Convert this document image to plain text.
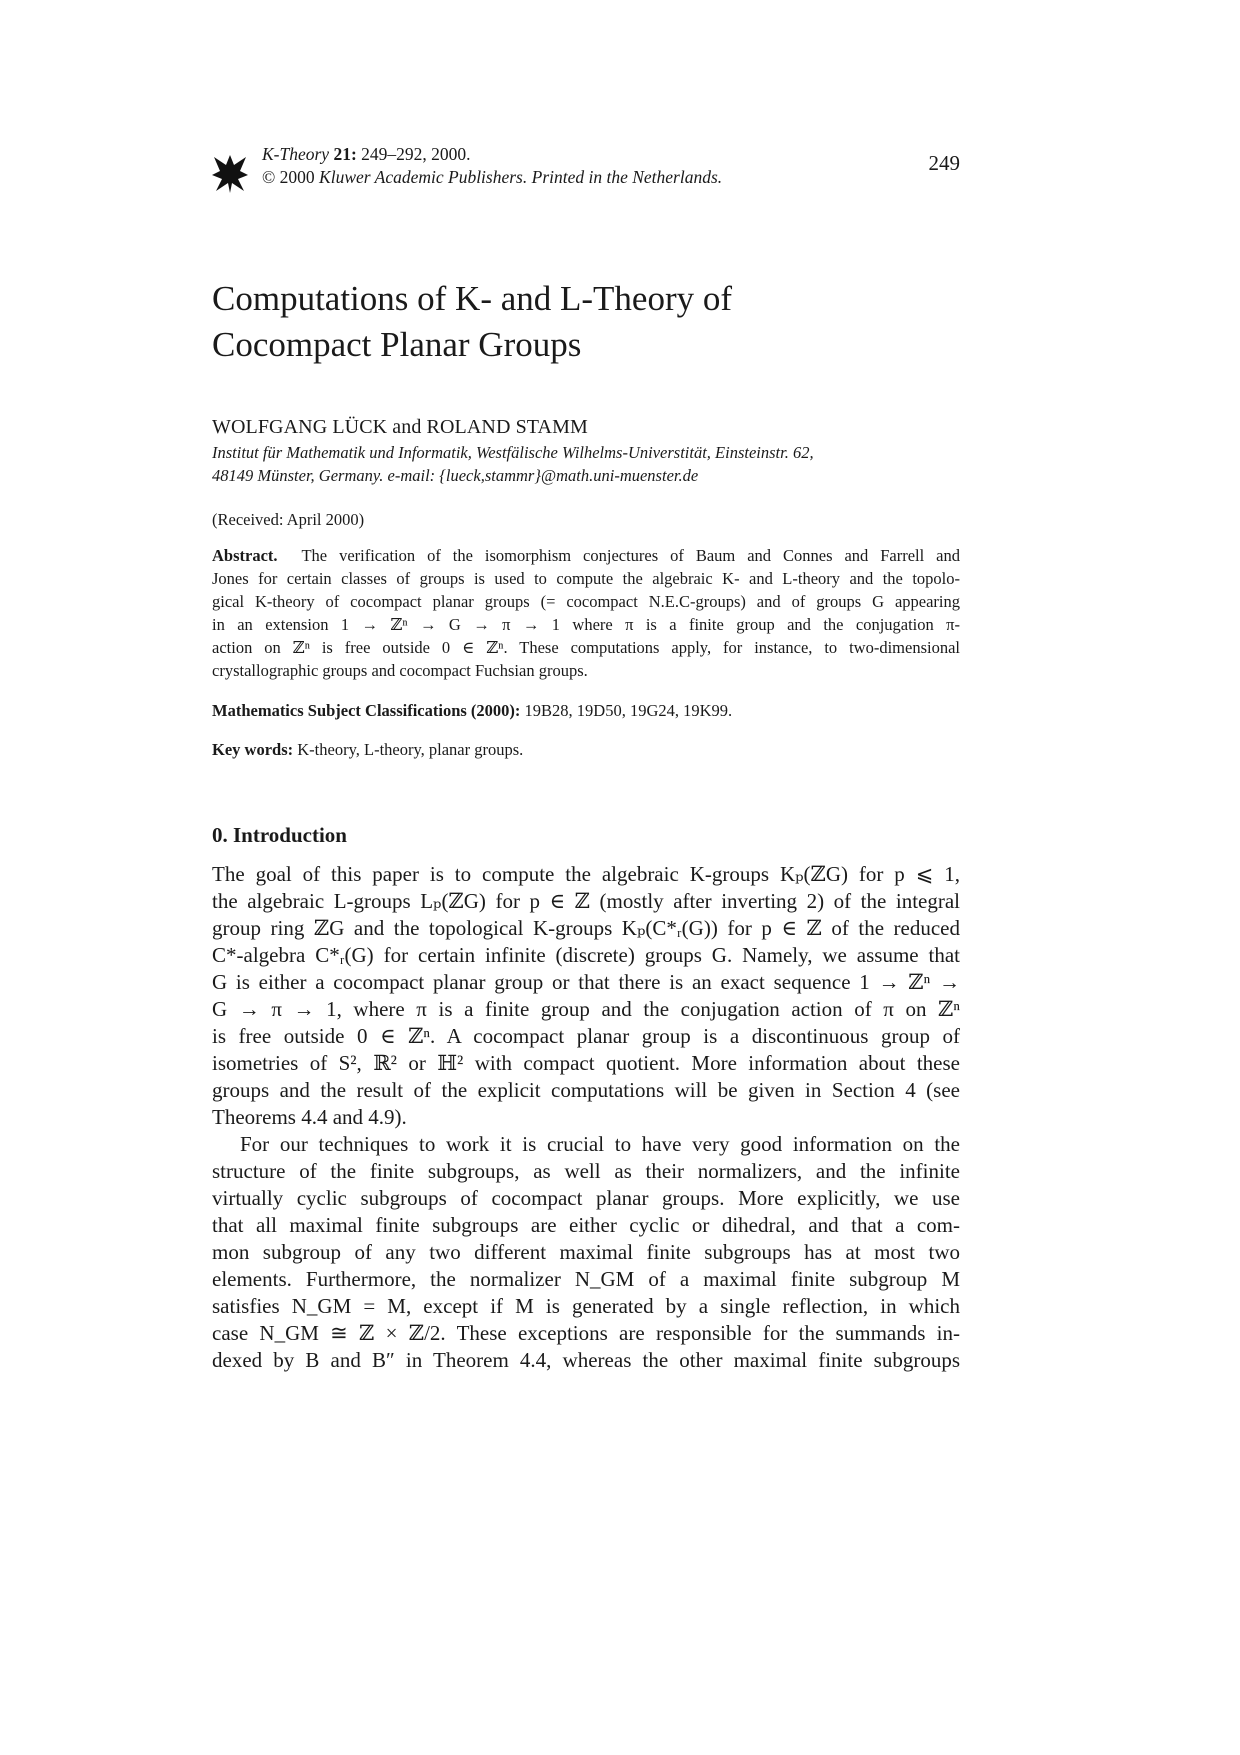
K-Theory 21: 249–292, 2000.
© 2000 Kluwer Academic Publishers. Printed in the Netherlands.
249
Computations of K- and L-Theory of
Cocompact Planar Groups
WOLFGANG LÜCK and ROLAND STAMM
Institut für Mathematik und Informatik, Westfälische Wilhelms-Universtität, Einsteinstr. 62,
48149 Münster, Germany. e-mail: {lueck,stammr}@math.uni-muenster.de
(Received: April 2000)
Abstract. The verification of the isomorphism conjectures of Baum and Connes and Farrell and
Jones for certain classes of groups is used to compute the algebraic K- and L-theory and the topolo-
gical K-theory of cocompact planar groups (= cocompact N.E.C-groups) and of groups G appearing
in an extension 1 → ℤⁿ → G → π → 1 where π is a finite group and the conjugation π-
action on ℤⁿ is free outside 0 ∈ ℤⁿ. These computations apply, for instance, to two-dimensional
crystallographic groups and cocompact Fuchsian groups.
Mathematics Subject Classifications (2000): 19B28, 19D50, 19G24, 19K99.
Key words: K-theory, L-theory, planar groups.
0. Introduction
The goal of this paper is to compute the algebraic K-groups Kₚ(ℤG) for p ⩽ 1,
the algebraic L-groups Lₚ(ℤG) for p ∈ ℤ (mostly after inverting 2) of the integral
group ring ℤG and the topological K-groups Kₚ(C*ᵣ(G)) for p ∈ ℤ of the reduced
C*-algebra C*ᵣ(G) for certain infinite (discrete) groups G. Namely, we assume that
G is either a cocompact planar group or that there is an exact sequence 1 → ℤⁿ →
G → π → 1, where π is a finite group and the conjugation action of π on ℤⁿ
is free outside 0 ∈ ℤⁿ. A cocompact planar group is a discontinuous group of
isometries of S², ℝ² or ℍ² with compact quotient. More information about these
groups and the result of the explicit computations will be given in Section 4 (see
Theorems 4.4 and 4.9).
For our techniques to work it is crucial to have very good information on the
structure of the finite subgroups, as well as their normalizers, and the infinite
virtually cyclic subgroups of cocompact planar groups. More explicitly, we use
that all maximal finite subgroups are either cyclic or dihedral, and that a com-
mon subgroup of any two different maximal finite subgroups has at most two
elements. Furthermore, the normalizer N_GM of a maximal finite subgroup M
satisfies N_GM = M, except if M is generated by a single reflection, in which
case N_GM ≅ ℤ × ℤ/2. These exceptions are responsible for the summands in-
dexed by B and B″ in Theorem 4.4, whereas the other maximal finite subgroups
